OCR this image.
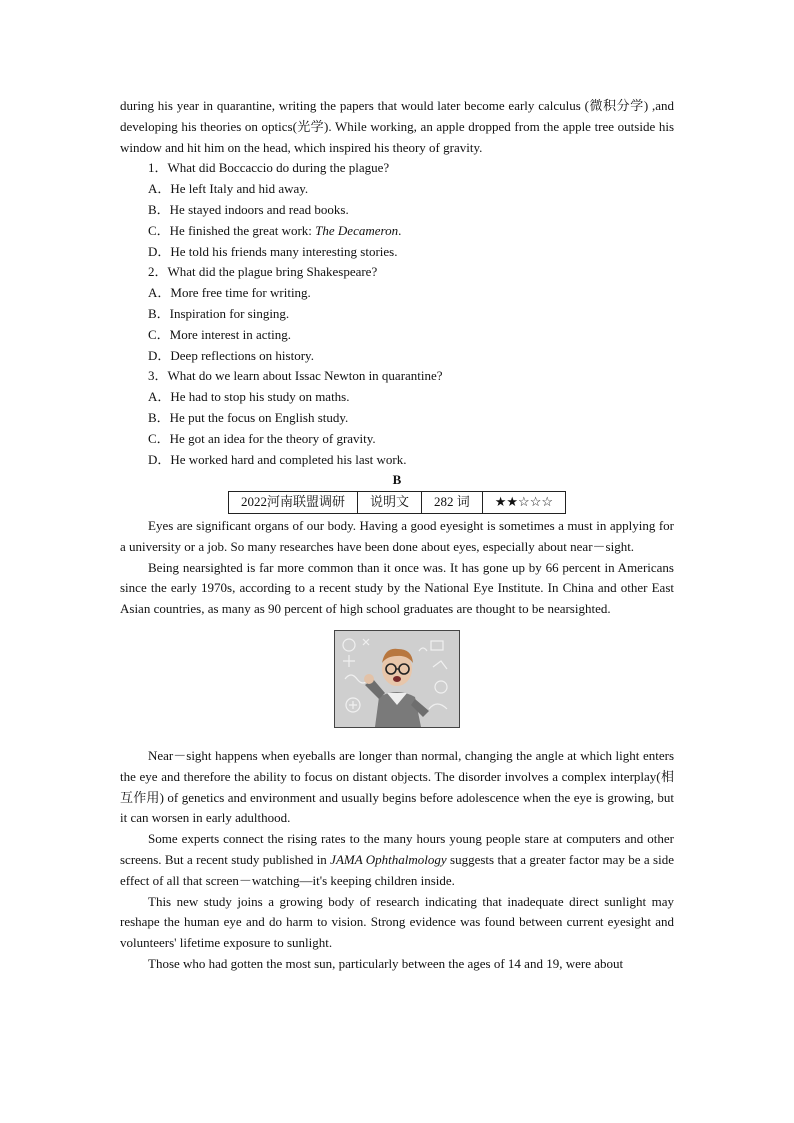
during his year in quarantine, writing the papers that would later become early calculus (微积分学) ,and developing his theories on optics(光学). While working, an apple dropped from the apple tree outside his window and hit him on the head, which inspired his theory of gravity.

1．What did Boccaccio do during the plague?

A．He left Italy and hid away.

B．He stayed indoors and read books.

C．He finished the great work: The Decameron.

D．He told his friends many interesting stories.

2．What did the plague bring Shakespeare?

A．More free time for writing.

B．Inspiration for singing.

C．More interest in acting.

D．Deep reflections on history.

3．What do we learn about Issac Newton in quarantine?

A．He had to stop his study on maths.

B．He put the focus on English study.

C．He got an idea for the theory of gravity.

D．He worked hard and completed his last work.

B

2022河南联盟调研	说明文	282 词	★★☆☆☆

Eyes are significant organs of our body. Having a good eyesight is sometimes a must in applying for a university or a job. So many researches have been done about eyes, especially about near－sight.

Being nearsighted is far more common than it once was. It has gone up by 66 percent in Americans since the early 1970s, according to a recent study by the National Eye Institute. In China and other East Asian countries, as many as 90 percent of high school graduates are thought to be nearsighted.

Near－sight happens when eyeballs are longer than normal, changing the angle at which light enters the eye and therefore the ability to focus on distant objects. The disorder involves a complex interplay(相互作用) of genetics and environment and usually begins before adolescence when the eye is growing, but it can worsen in early adulthood.

Some experts connect the rising rates to the many hours young people stare at computers and other screens. But a recent study published in JAMA Ophthalmology suggests that a greater factor may be a side effect of all that screen－watching—it's keeping children inside.

This new study joins a growing body of research indicating that inadequate direct sunlight may reshape the human eye and do harm to vision. Strong evidence was found between current eyesight and volunteers' lifetime exposure to sunlight.

Those who had gotten the most sun, particularly between the ages of 14 and 19, were about
